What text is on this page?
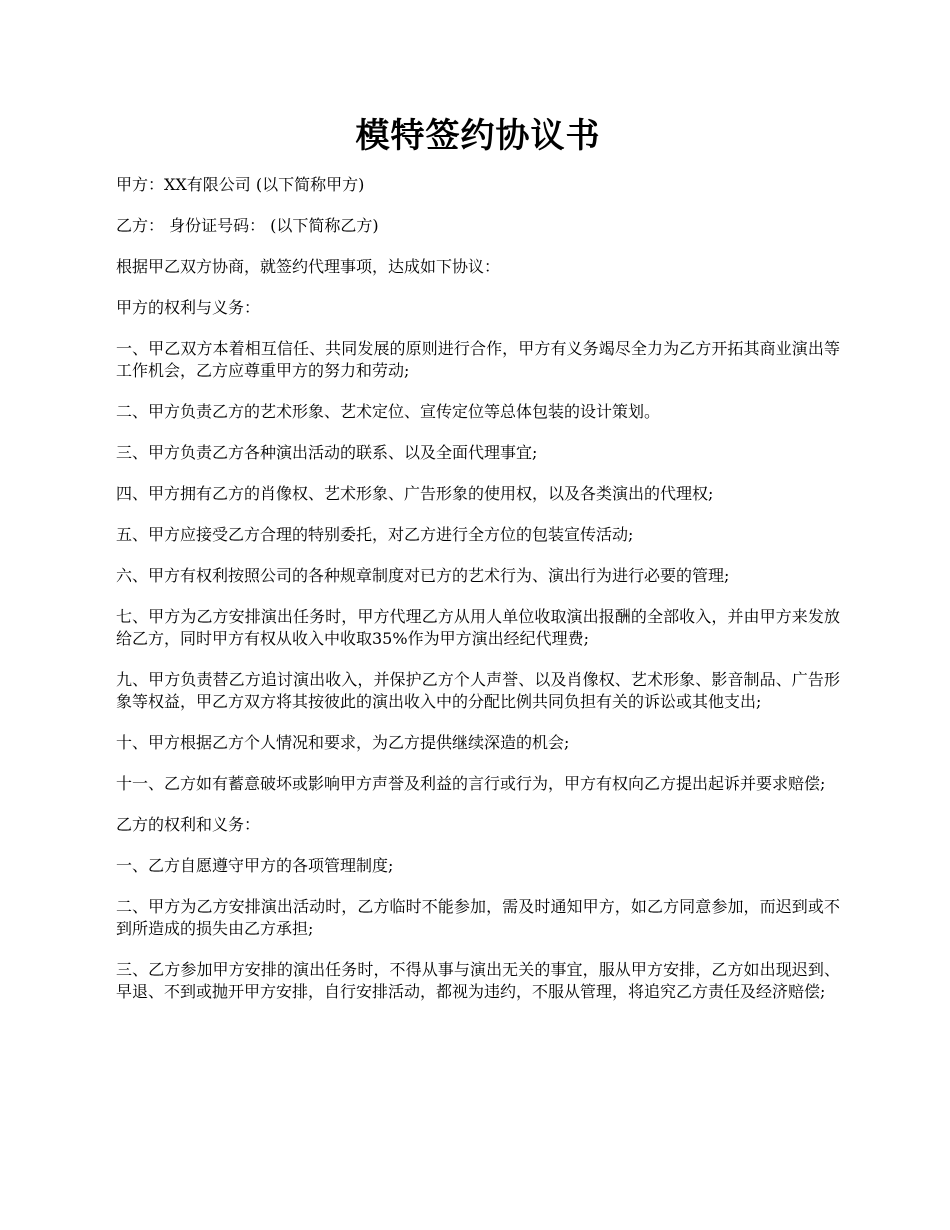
模特签约协议书

甲方：XX有限公司 (以下简称甲方)

乙方： 身份证号码： (以下简称乙方)

根据甲乙双方协商，就签约代理事项，达成如下协议：

甲方的权利与义务：

一、甲乙双方本着相互信任、共同发展的原则进行合作，甲方有义务竭尽全力为乙方开拓其商业演出等工作机会，乙方应尊重甲方的努力和劳动;

二、甲方负责乙方的艺术形象、艺术定位、宣传定位等总体包装的设计策划。

三、甲方负责乙方各种演出活动的联系、以及全面代理事宜;

四、甲方拥有乙方的肖像权、艺术形象、广告形象的使用权，以及各类演出的代理权;

五、甲方应接受乙方合理的特别委托，对乙方进行全方位的包装宣传活动;

六、甲方有权利按照公司的各种规章制度对已方的艺术行为、演出行为进行必要的管理;

七、甲方为乙方安排演出任务时，甲方代理乙方从用人单位收取演出报酬的全部收入，并由甲方来发放给乙方，同时甲方有权从收入中收取35%作为甲方演出经纪代理费;

九、甲方负责替乙方追讨演出收入，并保护乙方个人声誉、以及肖像权、艺术形象、影音制品、广告形象等权益，甲乙方双方将其按彼此的演出收入中的分配比例共同负担有关的诉讼或其他支出;

十、甲方根据乙方个人情况和要求，为乙方提供继续深造的机会;

十一、乙方如有蓄意破坏或影响甲方声誉及利益的言行或行为，甲方有权向乙方提出起诉并要求赔偿;

乙方的权利和义务：

一、乙方自愿遵守甲方的各项管理制度;

二、甲方为乙方安排演出活动时，乙方临时不能参加，需及时通知甲方，如乙方同意参加，而迟到或不到所造成的损失由乙方承担;

三、乙方参加甲方安排的演出任务时，不得从事与演出无关的事宜，服从甲方安排，乙方如出现迟到、早退、不到或抛开甲方安排，自行安排活动，都视为违约，不服从管理，将追究乙方责任及经济赔偿;
